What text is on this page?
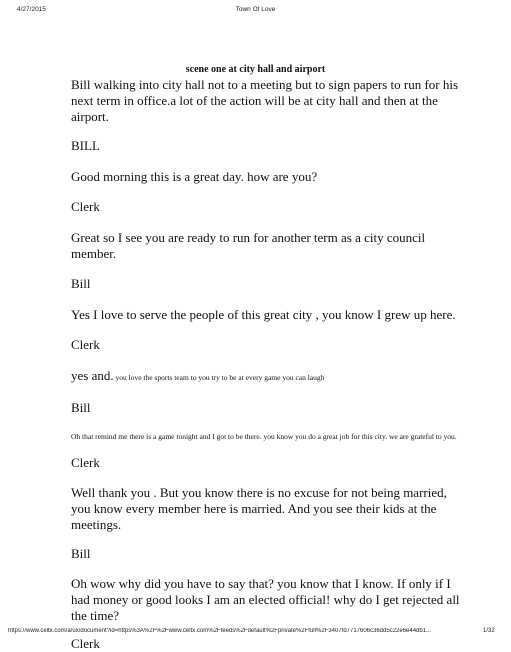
4/27/2015	Town Of Love
scene one at city hall and airport

Bill walking into city hall not to a meeting but to sign papers to run for his next term in office.a lot of the action will be at city hall and then at the airport.

BILL

Good morning this is a great day. how are you?

Clerk

Great so I see you are ready to run for another term as a city council member.

Bill

Yes I love to serve the people of this great city , you know I grew up here.

Clerk

yes and. you love the sports team to you try to be at every game you can laugh

Bill

Oh that remind me there is a game tonight and I got to be there. you know you do a great job for this city. we are grateful to you.

Clerk

Well thank you . But you know there is no excuse for not being married, you know every member here is married. And you see their kids at the meetings.

Bill

Oh wow why did you have to say that? you know that I know. If only if I had money or good looks I am an elected official! why do I get rejected all the time?

Clerk

https://www.celtx.com/a/ux/document?id=https%3A%2F%2Fwww.celtx.com%2Ffeeds%2Fdefault%2Fprivate%2Ffull%2F3407fd7717606c36dd5c22e6e44db1...	1/32
